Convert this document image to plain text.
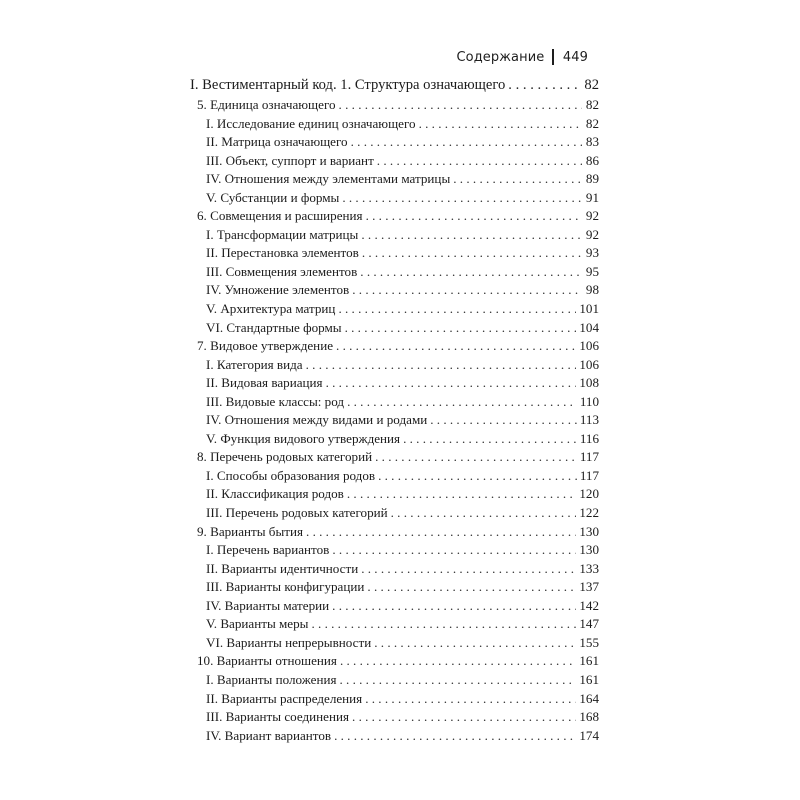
Содержание 449
I. Вестиментарный код. 1. Структура означающего . . .	82
5. Единица означающего . . .	82
I. Исследование единиц означающего . . .	82
II. Матрица означающего . . .	83
III. Объект, суппорт и вариант . . .	86
IV. Отношения между элементами матрицы . . .	89
V. Субстанции и формы . . .	91
6. Совмещения и расширения . . .	92
I. Трансформации матрицы . . .	92
II. Перестановка элементов . . .	93
III. Совмещения элементов . . .	95
IV. Умножение элементов . . .	98
V. Архитектура матриц . . .	101
VI. Стандартные формы . . .	104
7. Видовое утверждение . . .	106
I. Категория вида . . .	106
II. Видовая вариация . . .	108
III. Видовые классы: род . . .	110
IV. Отношения между видами и родами . . .	113
V. Функция видового утверждения . . .	116
8. Перечень родовых категорий . . .	117
I. Способы образования родов . . .	117
II. Классификация родов . . .	120
III. Перечень родовых категорий . . .	122
9. Варианты бытия . . .	130
I. Перечень вариантов . . .	130
II. Варианты идентичности . . .	133
III. Варианты конфигурации . . .	137
IV. Варианты материи . . .	142
V. Варианты меры . . .	147
VI. Варианты непрерывности . . .	155
10. Варианты отношения . . .	161
I. Варианты положения . . .	161
II. Варианты распределения . . .	164
III. Варианты соединения . . .	168
IV. Вариант вариантов . . .	174
